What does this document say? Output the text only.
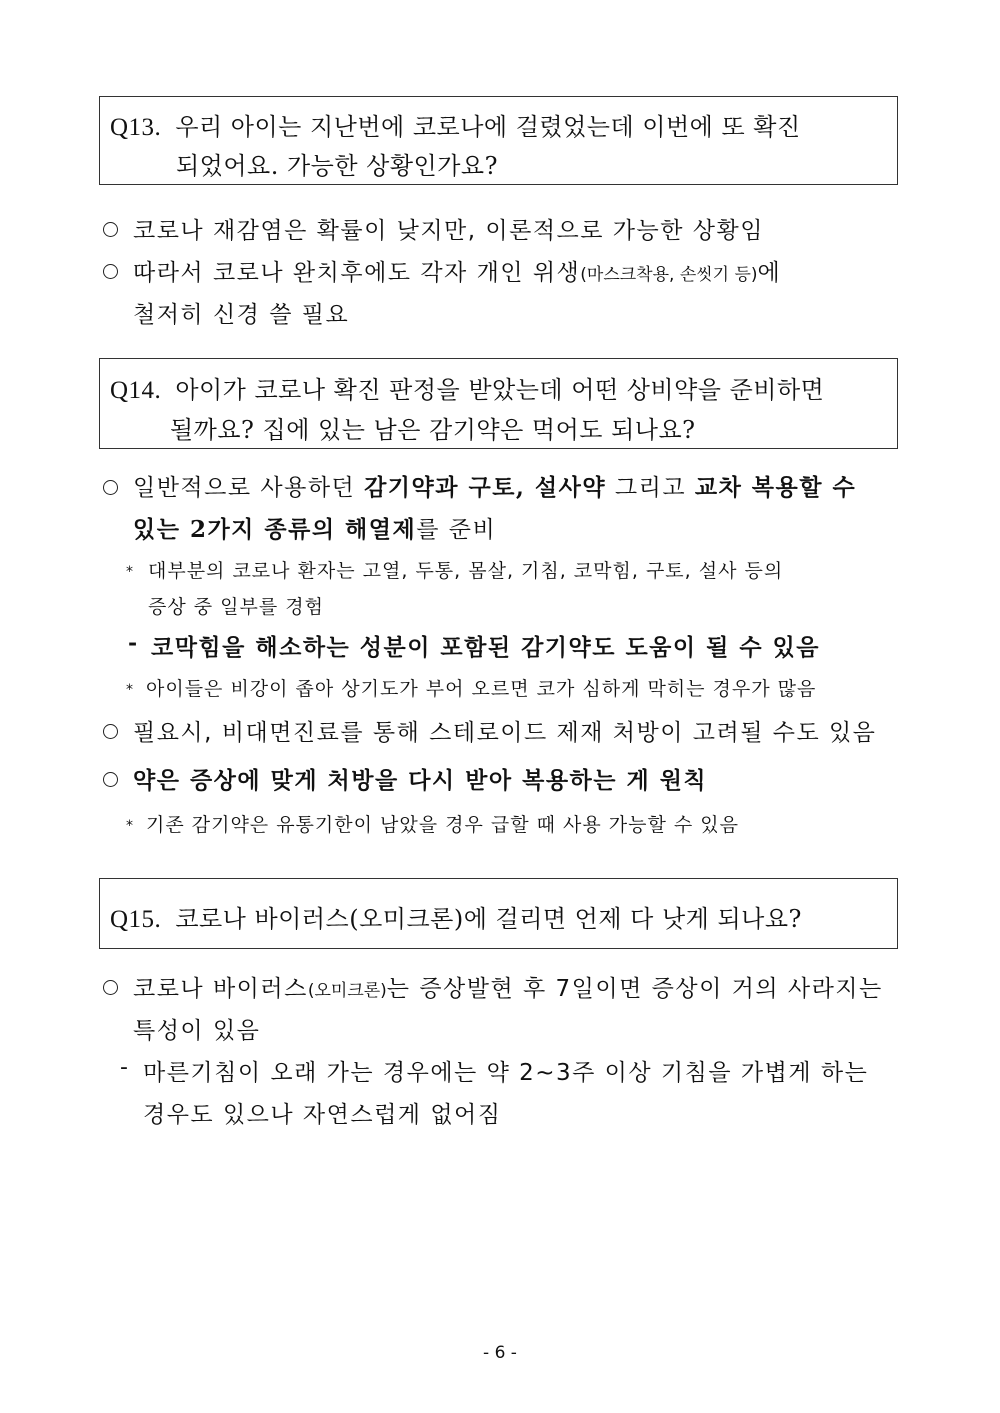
Q13. 우리 아이는 지난번에 코로나에 걸렸었는데 이번에 또 확진
되었어요. 가능한 상황인가요?
코로나 재감염은 확률이 낮지만, 이론적으로 가능한 상황임
따라서 코로나 완치후에도 각자 개인 위생(마스크착용, 손씻기 등)에
철저히 신경 쓸 필요
Q14. 아이가 코로나 확진 판정을 받았는데 어떤 상비약을 준비하면
될까요? 집에 있는 남은 감기약은 먹어도 되나요?
일반적으로 사용하던 감기약과 구토, 설사약 그리고 교차 복용할 수
있는 2가지 종류의 해열제를 준비
* 대부분의 코로나 환자는 고열, 두통, 몸살, 기침, 코막힘, 구토, 설사 등의
증상 중 일부를 경험
- 코막힘을 해소하는 성분이 포함된 감기약도 도움이 될 수 있음
* 아이들은 비강이 좁아 상기도가 부어 오르면 코가 심하게 막히는 경우가 많음
필요시, 비대면진료를 통해 스테로이드 제재 처방이 고려될 수도 있음
약은 증상에 맞게 처방을 다시 받아 복용하는 게 원칙
* 기존 감기약은 유통기한이 남았을 경우 급할 때 사용 가능할 수 있음
Q15. 코로나 바이러스(오미크론)에 걸리면 언제 다 낫게 되나요?
코로나 바이러스(오미크론)는 증상발현 후 7일이면 증상이 거의 사라지는
특성이 있음
- 마른기침이 오래 가는 경우에는 약 2~3주 이상 기침을 가볍게 하는
경우도 있으나 자연스럽게 없어짐
- 6 -
